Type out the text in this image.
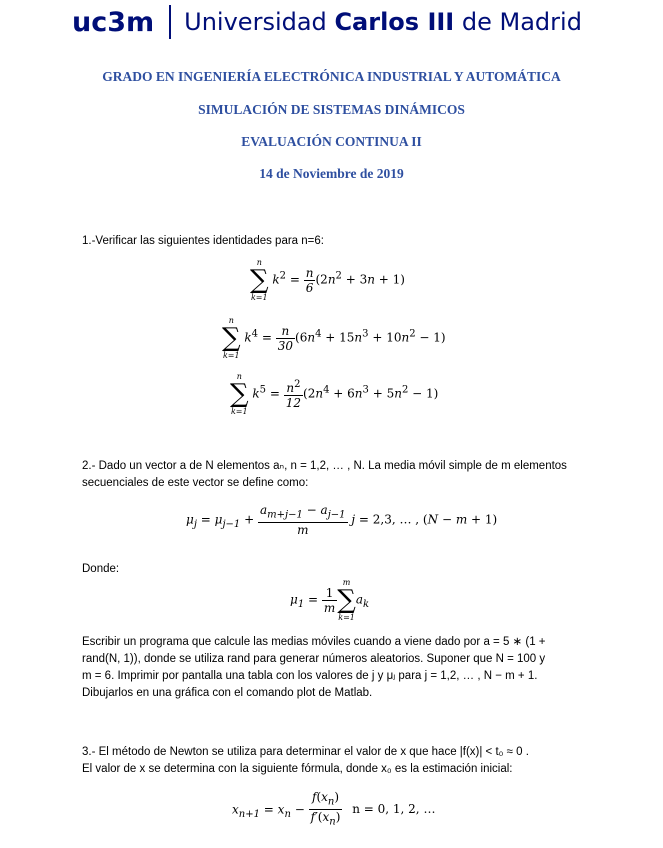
uc3m Universidad Carlos III de Madrid
GRADO EN INGENIERÍA ELECTRÓNICA INDUSTRIAL Y AUTOMÁTICA
SIMULACIÓN DE SISTEMAS DINÁMICOS
EVALUACIÓN CONTINUA II
14 de Noviembre de 2019
1.-Verificar las siguientes identidades para n=6:
n
∑
k=1
$k^2 = \frac{n}{6} (2n^2 + 3n + 1)$
n
∑
k=1
$k^4 = \frac{n}{30} (6n^4 + 15n^3 + 10n^2 - 1)$
n
∑
k=1
$k^5 = \frac{n^2}{12} (2n^4 + 6n^3 + 5n^2 - 1)$
2.- Dado un vector a de N elementos aₙ, n = 1,2, … , N. La media móvil simple de m elementos secuenciales de este vector se define como:
$\mu_j = \mu_{j-1} + \frac{a_{m+j-1} - a_{j-1}}{m}$ j = 2,3, … , (N − m + 1)
Donde:
$\mu_1 = \frac{1}{m}$
m
∑
k=1
$a_k$
Escribir un programa que calcule las medias móviles cuando a viene dado por a = 5 ∗ (1 +
rand(N, 1)), donde se utiliza rand para generar números aleatorios. Suponer que N = 100 y
m = 6. Imprimir por pantalla una tabla con los valores de j y μⱼ para j = 1,2, … , N − m + 1.
Dibujarlos en una gráfica con el comando plot de Matlab.
3.- El método de Newton se utiliza para determinar el valor de x que hace |f(x)| < t₀ ≈ 0 .
El valor de x se determina con la siguiente fórmula, donde x₀ es la estimación inicial:
$x_{n+1} = x_n - \frac{f(x_n)}{f'(x_n)}$ n = 0, 1, 2, …
